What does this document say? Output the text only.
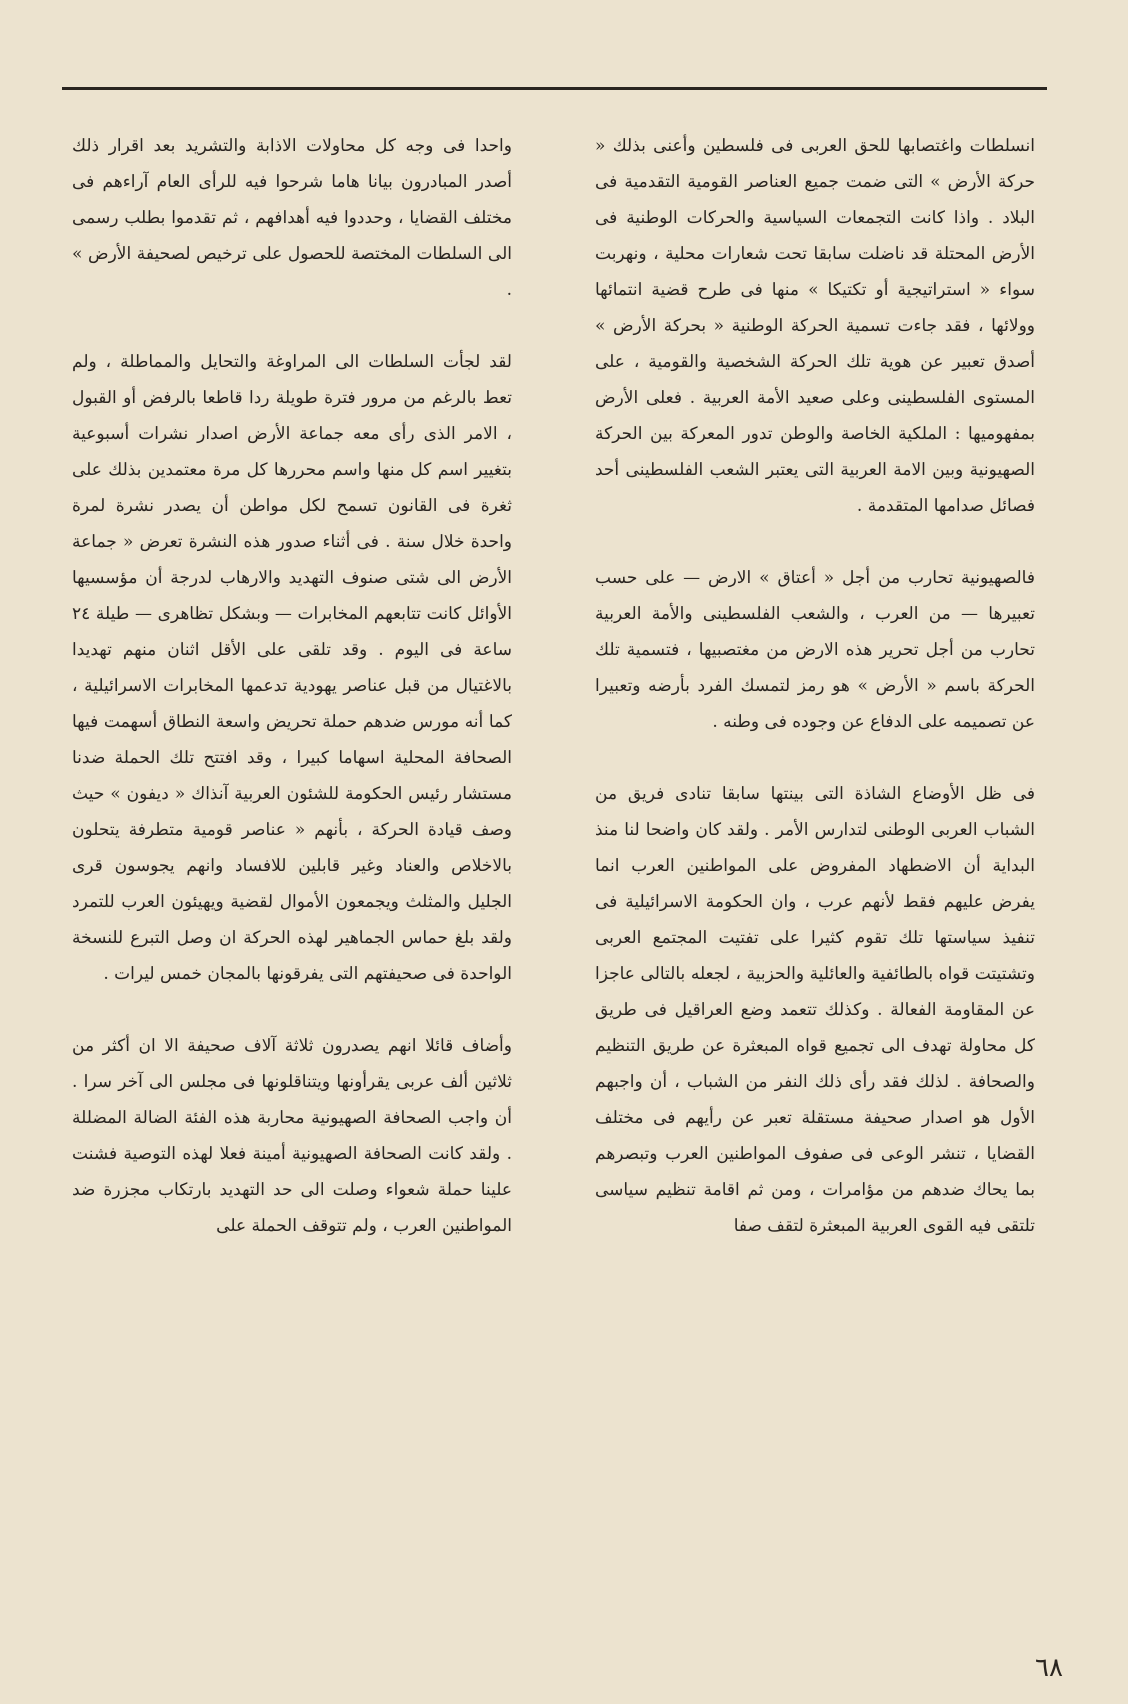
انسلطات واغتصابها للحق العربى فى فلسطين وأعنى بذلك « حركة الأرض » التى ضمت جميع العناصر القومية التقدمية فى البلاد . واذا كانت التجمعات السياسية والحركات الوطنية فى الأرض المحتلة قد ناضلت سابقا تحت شعارات محلية ، ونهربت سواء « استراتيجية أو تكتيكا » منها فى طرح قضية انتمائها وولائها ، فقد جاءت تسمية الحركة الوطنية « بحركة الأرض » أصدق تعبير عن هوية تلك الحركة الشخصية والقومية ، على المستوى الفلسطينى وعلى صعيد الأمة العربية . فعلى الأرض بمفهوميها : الملكية الخاصة والوطن تدور المعركة بين الحركة الصهيونية وبين الامة العربية التى يعتبر الشعب الفلسطينى أحد فصائل صدامها المتقدمة .

فالصهيونية تحارب من أجل « أعتاق » الارض — على حسب تعبيرها — من العرب ، والشعب الفلسطينى والأمة العربية تحارب من أجل تحرير هذه الارض من مغتصبيها ، فتسمية تلك الحركة باسم « الأرض » هو رمز لتمسك الفرد بأرضه وتعبيرا عن تصميمه على الدفاع عن وجوده فى وطنه .

فى ظل الأوضاع الشاذة التى بينتها سابقا تنادى فريق من الشباب العربى الوطنى لتدارس الأمر . ولقد كان واضحا لنا منذ البداية أن الاضطهاد المفروض على المواطنين العرب انما يفرض عليهم فقط لأنهم عرب ، وان الحكومة الاسرائيلية فى تنفيذ سياستها تلك تقوم كثيرا على تفتيت المجتمع العربى وتشتيتت قواه بالطائفية والعائلية والحزبية ، لجعله بالتالى عاجزا عن المقاومة الفعالة . وكذلك تتعمد وضع العراقيل فى طريق كل محاولة تهدف الى تجميع قواه المبعثرة عن طريق التنظيم والصحافة . لذلك فقد رأى ذلك النفر من الشباب ، أن واجبهم الأول هو اصدار صحيفة مستقلة تعبر عن رأيهم فى مختلف القضايا ، تنشر الوعى فى صفوف المواطنين العرب وتبصرهم بما يحاك ضدهم من مؤامرات ، ومن ثم اقامة تنظيم سياسى تلتقى فيه القوى العربية المبعثرة لتقف صفا

واحدا فى وجه كل محاولات الاذابة والتشريد بعد اقرار ذلك أصدر المبادرون بيانا هاما شرحوا فيه للرأى العام آراءهم فى مختلف القضايا ، وحددوا فيه أهدافهم ، ثم تقدموا بطلب رسمى الى السلطات المختصة للحصول على ترخيص لصحيفة الأرض » .

لقد لجأت السلطات الى المراوغة والتحايل والمماطلة ، ولم تعط بالرغم من مرور فترة طويلة ردا قاطعا بالرفض أو القبول ، الامر الذى رأى معه جماعة الأرض اصدار نشرات أسبوعية بتغيير اسم كل منها واسم محررها كل مرة معتمدين بذلك على ثغرة فى القانون تسمح لكل مواطن أن يصدر نشرة لمرة واحدة خلال سنة . فى أثناء صدور هذه النشرة تعرض « جماعة الأرض الى شتى صنوف التهديد والارهاب لدرجة أن مؤسسيها الأوائل كانت تتابعهم المخابرات — وبشكل تظاهرى — طيلة ٢٤ ساعة فى اليوم . وقد تلقى على الأقل اثنان منهم تهديدا بالاغتيال من قبل عناصر يهودية تدعمها المخابرات الاسرائيلية ، كما أنه مورس ضدهم حملة تحريض واسعة النطاق أسهمت فيها الصحافة المحلية اسهاما كبيرا ، وقد افتتح تلك الحملة ضدنا مستشار رئيس الحكومة للشئون العربية آنذاك « ديفون » حيث وصف قيادة الحركة ، بأنهم « عناصر قومية متطرفة يتحلون بالاخلاص والعناد وغير قابلين للافساد وانهم يجوسون قرى الجليل والمثلث ويجمعون الأموال لقضية ويهيئون العرب للتمرد ولقد بلغ حماس الجماهير لهذه الحركة ان وصل التبرع للنسخة الواحدة فى صحيفتهم التى يفرقونها بالمجان خمس ليرات .

وأضاف قائلا انهم يصدرون ثلاثة آلاف صحيفة الا ان أكثر من ثلاثين ألف عربى يقرأونها ويتناقلونها فى مجلس الى آخر سرا . أن واجب الصحافة الصهيونية محاربة هذه الفئة الضالة المضللة . ولقد كانت الصحافة الصهيونية أمينة فعلا لهذه التوصية فشنت علينا حملة شعواء وصلت الى حد التهديد بارتكاب مجزرة ضد المواطنين العرب ، ولم تتوقف الحملة على

٦٨
